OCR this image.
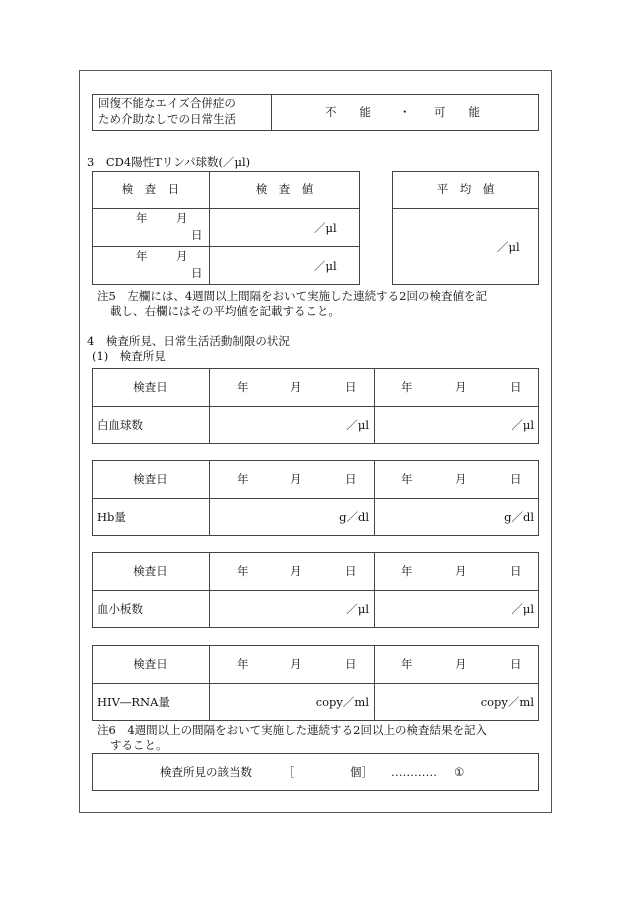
回復不能なエイズ合併症の
ため介助なしでの日常生活	不　　能 ・ 可　　能
3　CD4陽性Tリンパ球数(／μl)
検　査　日	検　査　値
年 月
日	／μl
年 月
日	／μl
平　均　値
／μl
注5　左欄には、4週間以上間隔をおいて実施した連続する2回の検査値を記
載し、右欄にはその平均値を記載すること。
4　検査所見、日常生活活動制限の状況
(1)　検査所見
検査日	年	月	日	年	月	日
白血球数	／μl	／μl
検査日	年	月	日	年	月	日
Hb量	g／dl	g／dl
検査日	年	月	日	年	月	日
血小板数	／μl	／μl
検査日	年	月	日	年	月	日
HIV―RNA量	copy／ml	copy／ml
注6　4週間以上の間隔をおいて実施した連続する2回以上の検査結果を記入
すること。
検査所見の該当数	［	個］ ………… ①
